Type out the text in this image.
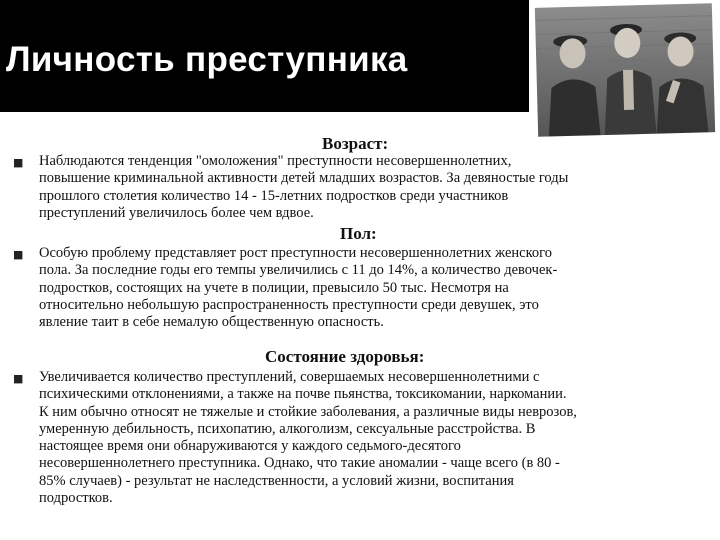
Личность преступника
Возраст:
■ Наблюдаются тенденция "омоложения" преступности несовершеннолетних,
повышение криминальной активности детей младших возрастов. За девяностые годы
прошлого столетия количество 14 - 15-летних подростков среди участников
преступлений увеличилось более чем вдвое.
Пол:
■ Особую проблему представляет рост преступности несовершеннолетних женского
пола. За последние годы его темпы увеличились с 11 до 14%, а количество девочек-
подростков, состоящих на учете в полиции, превысило 50 тыс. Несмотря на
относительно небольшую распространенность преступности среди девушек, это
явление таит в себе немалую общественную опасность.
Состояние здоровья:
■ Увеличивается количество преступлений, совершаемых несовершеннолетними с
психическими отклонениями, а также на почве пьянства, токсикомании, наркомании.
К ним обычно относят не тяжелые и стойкие заболевания, а различные виды неврозов,
умеренную дебильность, психопатию, алкоголизм, сексуальные расстройства. В
настоящее время они обнаруживаются у каждого седьмого-десятого
несовершеннолетнего преступника. Однако, что такие аномалии - чаще всего (в 80 -
85% случаев) - результат не наследственности, а условий жизни, воспитания
подростков.
